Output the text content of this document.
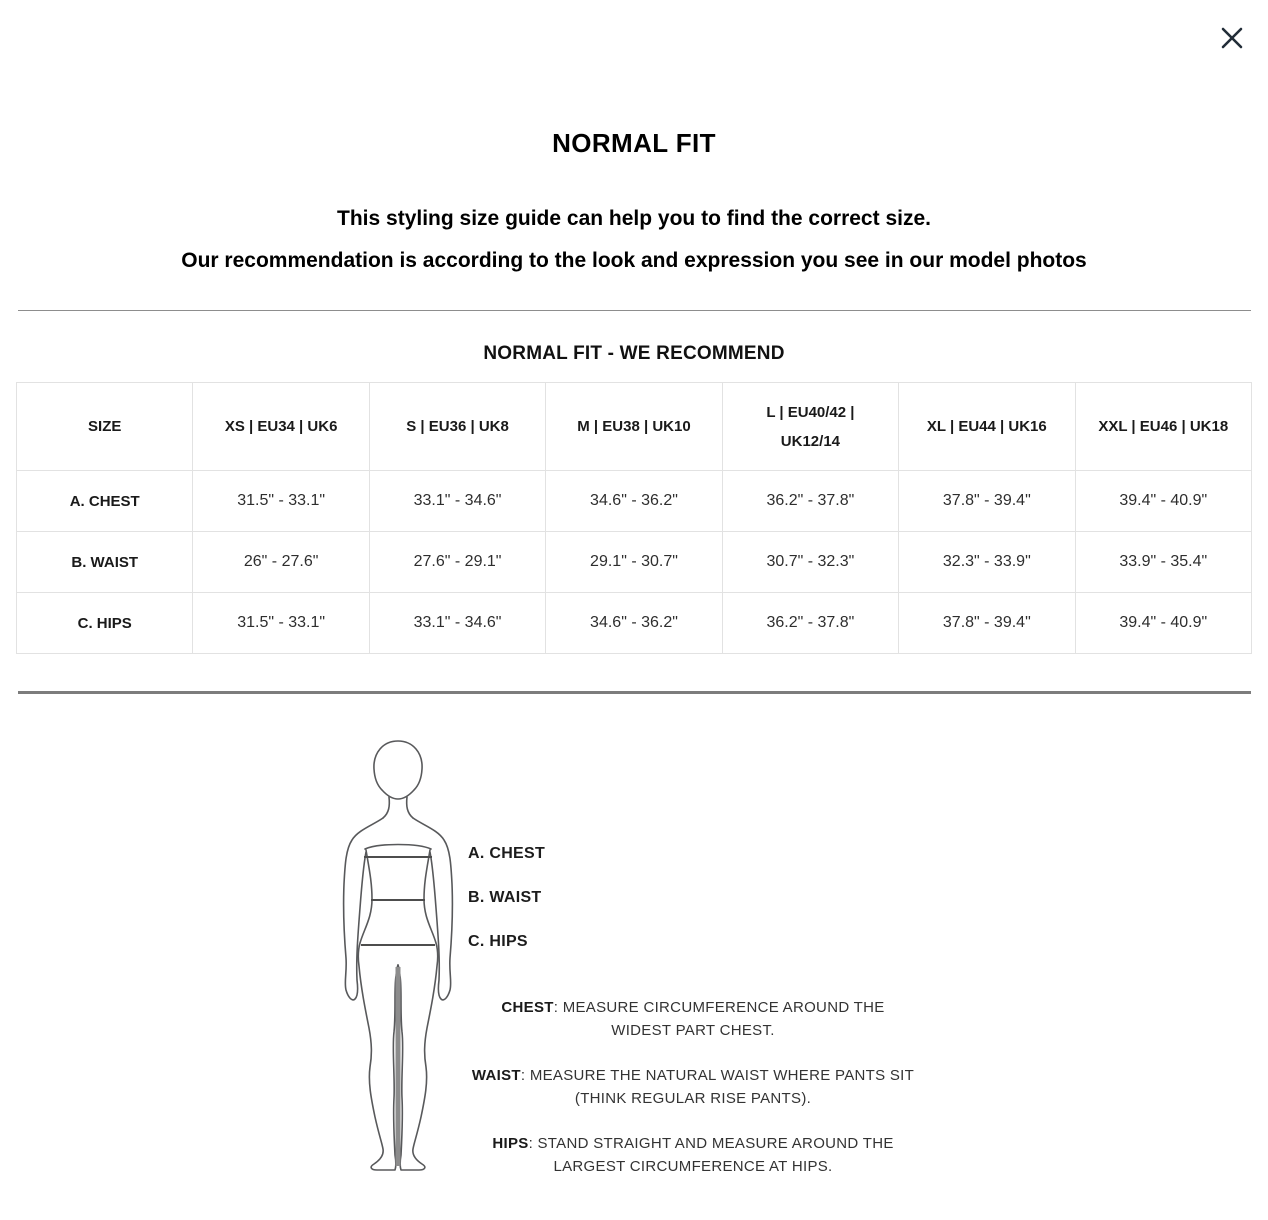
NORMAL FIT
This styling size guide can help you to find the correct size.
Our recommendation is according to the look and expression you see in our model photos
NORMAL FIT - WE RECOMMEND
SIZE	XS | EU34 | UK6	S | EU36 | UK8	M | EU38 | UK10	L | EU40/42 | UK12/14	XL | EU44 | UK16	XXL | EU46 | UK18
A. CHEST	31.5" - 33.1"	33.1" - 34.6"	34.6" - 36.2"	36.2" - 37.8"	37.8" - 39.4"	39.4" - 40.9"
B. WAIST	26" - 27.6"	27.6" - 29.1"	29.1" - 30.7"	30.7" - 32.3"	32.3" - 33.9"	33.9" - 35.4"
C. HIPS	31.5" - 33.1"	33.1" - 34.6"	34.6" - 36.2"	36.2" - 37.8"	37.8" - 39.4"	39.4" - 40.9"
A. CHEST
B. WAIST
C. HIPS

CHEST: MEASURE CIRCUMFERENCE AROUND THE
WIDEST PART CHEST.

WAIST: MEASURE THE NATURAL WAIST WHERE PANTS SIT
(THINK REGULAR RISE PANTS).

HIPS: STAND STRAIGHT AND MEASURE AROUND THE
LARGEST CIRCUMFERENCE AT HIPS.
